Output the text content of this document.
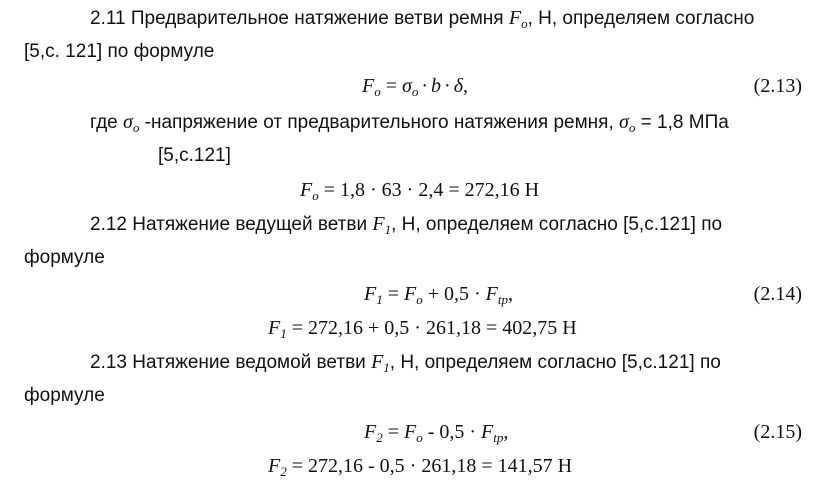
2.11 Предварительное натяжение ветви ремня $F_o$, Н, определяем согласно
[5,с. 121] по формуле
$F_o = \sigma_o \cdot b \cdot \delta$,	(2.13)
где $\sigma_o$ -напряжение от предварительного натяжения ремня, $\sigma_o = 1,8$ МПа
[5,с.121]
$F_o = 1,8 \cdot 63 \cdot 2,4 = 272,16$ Н
2.12 Натяжение ведущей ветви $F_1$, Н, определяем согласно [5,с.121] по
формуле
$F_1 = F_o + 0,5 \cdot F_{tp}$,	(2.14)
$F_1 = 272,16 + 0,5 \cdot 261,18 = 402,75$ Н
2.13 Натяжение ведомой ветви $F_1$, Н, определяем согласно [5,с.121] по
формуле
$F_2 = F_o - 0,5 \cdot F_{tp}$,	(2.15)
$F_2 = 272,16 - 0,5 \cdot 261,18 = 141,57$ Н
